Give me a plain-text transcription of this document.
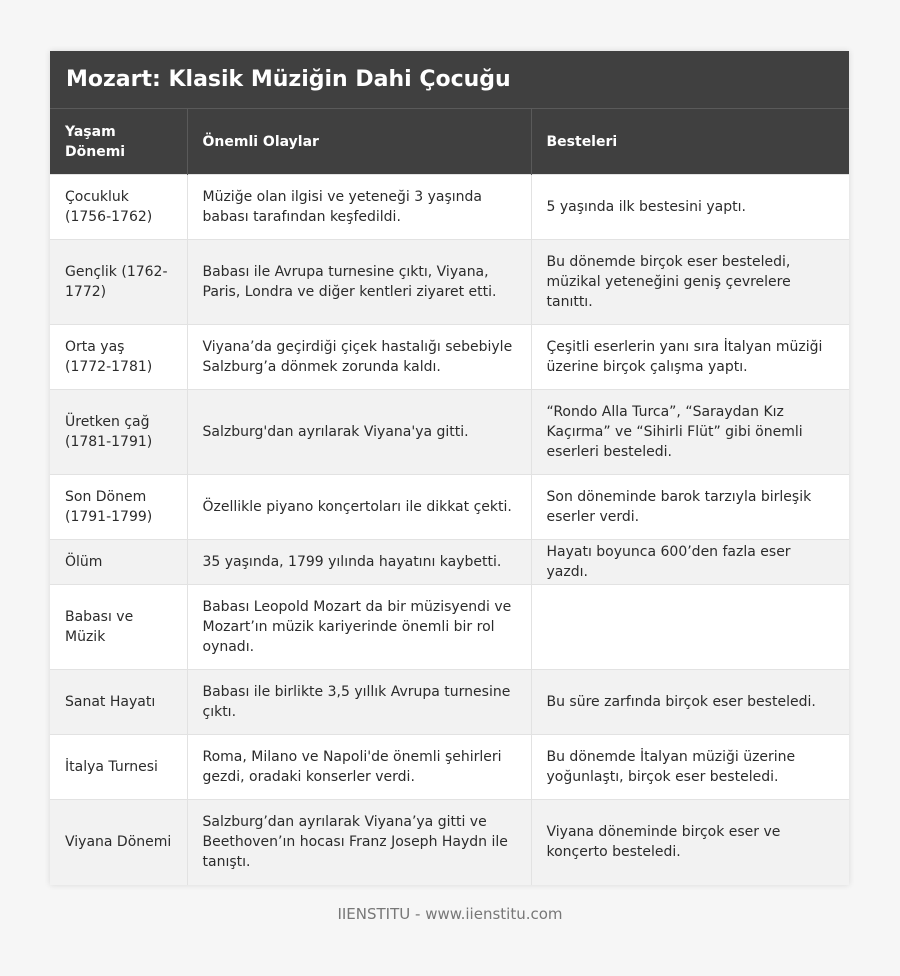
Mozart: Klasik Müziğin Dahi Çocuğu
Yaşam Dönemi	Önemli Olaylar	Besteleri
Çocukluk (1756-1762)	Müziğe olan ilgisi ve yeteneği 3 yaşında babası tarafından keşfedildi.	5 yaşında ilk bestesini yaptı.
Gençlik (1762-1772)	Babası ile Avrupa turnesine çıktı, Viyana, Paris, Londra ve diğer kentleri ziyaret etti.	Bu dönemde birçok eser besteledi, müzikal yeteneğini geniş çevrelere tanıttı.
Orta yaş (1772-1781)	Viyana’da geçirdiği çiçek hastalığı sebebiyle Salzburg’a dönmek zorunda kaldı.	Çeşitli eserlerin yanı sıra İtalyan müziği üzerine birçok çalışma yaptı.
Üretken çağ (1781-1791)	Salzburg'dan ayrılarak Viyana'ya gitti.	“Rondo Alla Turca”, “Saraydan Kız Kaçırma” ve “Sihirli Flüt” gibi önemli eserleri besteledi.
Son Dönem (1791-1799)	Özellikle piyano konçertoları ile dikkat çekti.	Son döneminde barok tarzıyla birleşik eserler verdi.
Ölüm	35 yaşında, 1799 yılında hayatını kaybetti.	Hayatı boyunca 600’den fazla eser yazdı.
Babası ve Müzik	Babası Leopold Mozart da bir müzisyendi ve Mozart’ın müzik kariyerinde önemli bir rol oynadı.	
Sanat Hayatı	Babası ile birlikte 3,5 yıllık Avrupa turnesine çıktı.	Bu süre zarfında birçok eser besteledi.
İtalya Turnesi	Roma, Milano ve Napoli'de önemli şehirleri gezdi, oradaki konserler verdi.	Bu dönemde İtalyan müziği üzerine yoğunlaştı, birçok eser besteledi.
Viyana Dönemi	Salzburg’dan ayrılarak Viyana’ya gitti ve Beethoven’ın hocası Franz Joseph Haydn ile tanıştı.	Viyana döneminde birçok eser ve konçerto besteledi.
IIENSTITU - www.iienstitu.com
